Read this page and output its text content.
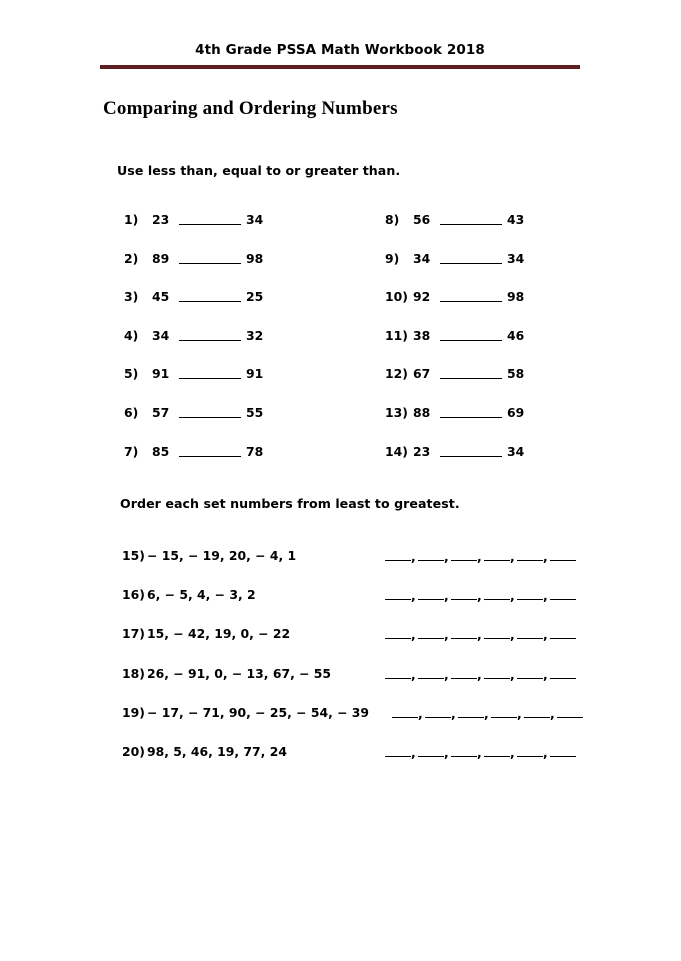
4th Grade PSSA Math Workbook 2018
Comparing and Ordering Numbers
Use less than, equal to or greater than.
1)	23	34
2)	89	98
3)	45	25
4)	34	32
5)	91	91
6)	57	55
7)	85	78
8)	56	43
9)	34	34
10) 92	98
11) 38	46
12) 67	58
13) 88	69
14) 23	34
Order each set numbers from least to greatest.
15) − 15, − 19, 20, − 4, 1	, , , , ,
16) 6, − 5, 4, − 3, 2	, , , , ,
17) 15, − 42, 19, 0, − 22	, , , , ,
18) 26, − 91, 0, − 13, 67, − 55	, , , , ,
19) − 17, − 71, 90, − 25, − 54, − 39	, , , , ,
20) 98, 5, 46, 19, 77, 24	, , , , ,
